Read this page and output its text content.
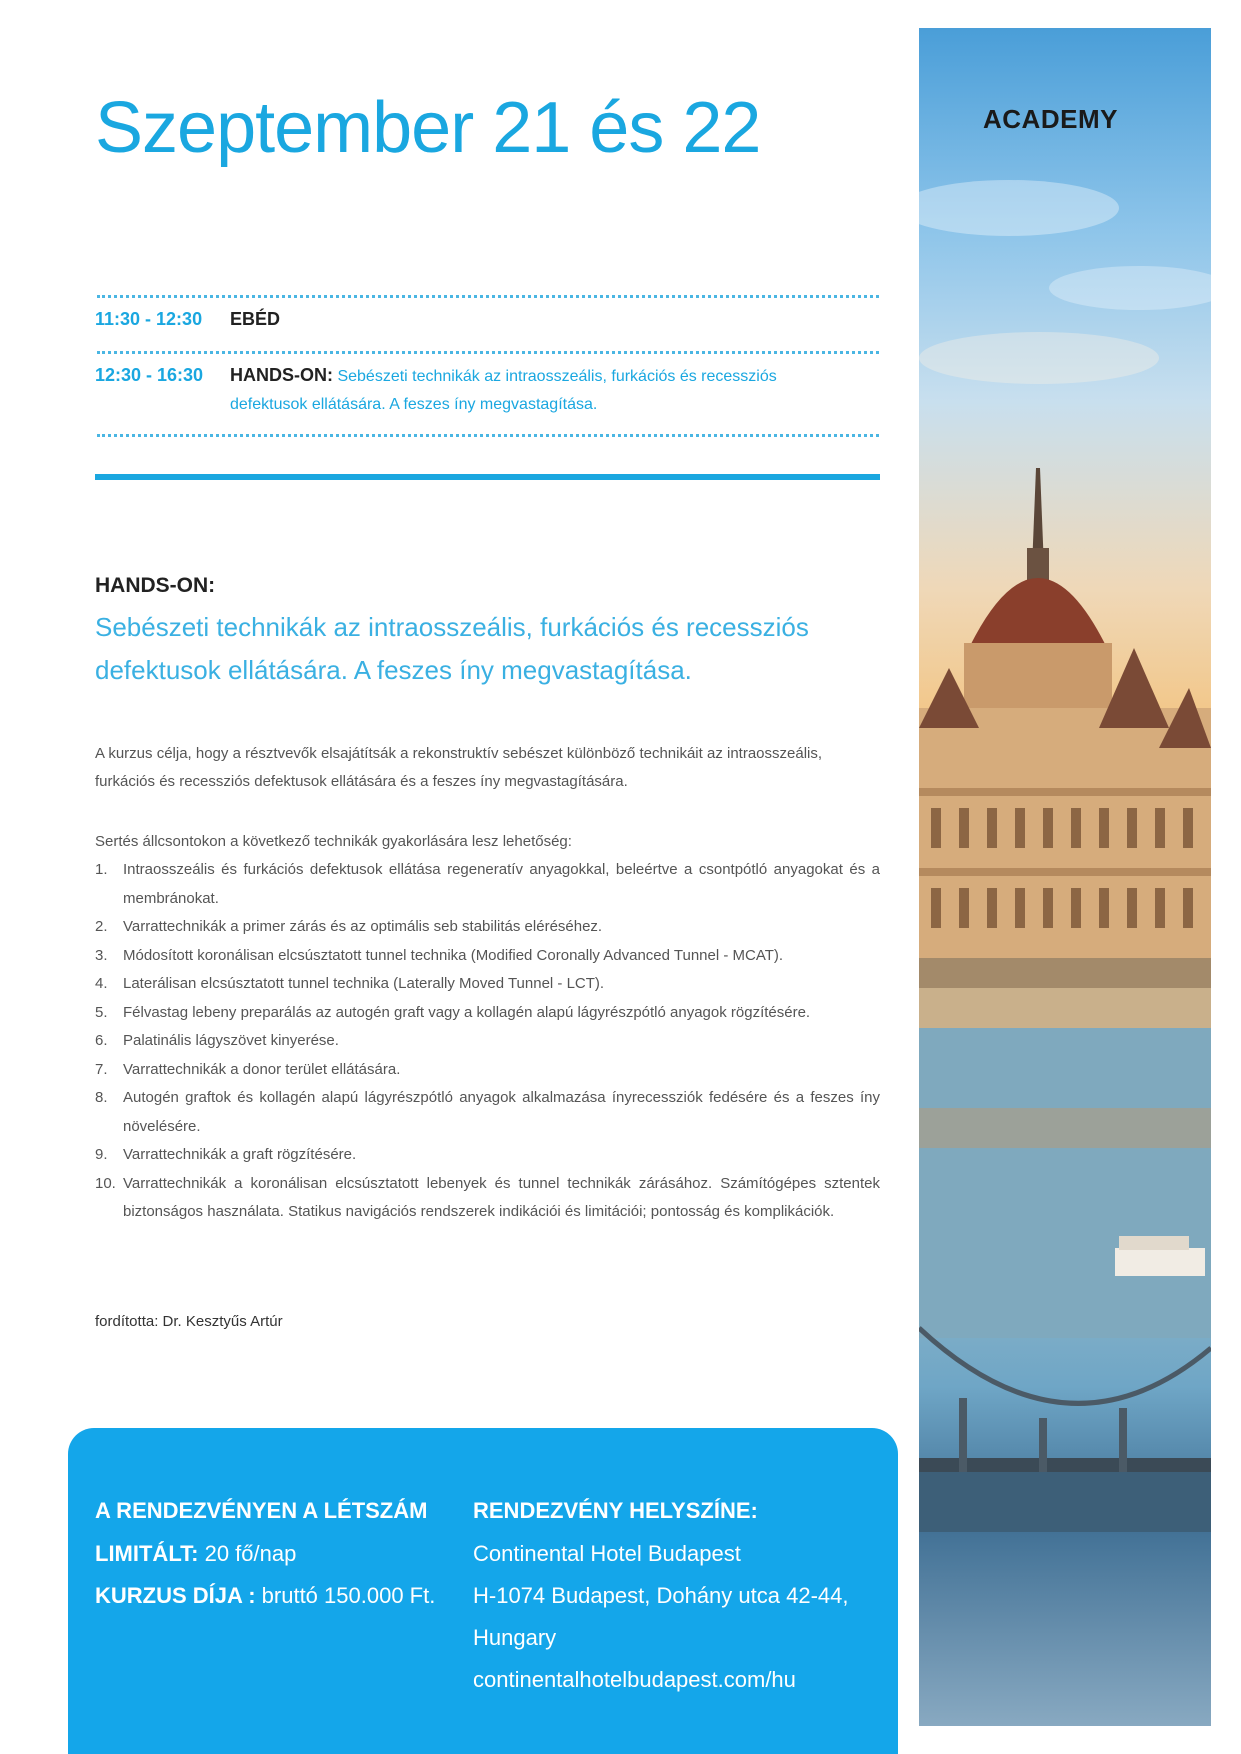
Szeptember 21 és 22
11:30 - 12:30 EBÉD
12:30 - 16:30 HANDS-ON: Sebészeti technikák az intraosszeális, furkációs és recessziós defektusok ellátására. A feszes íny megvastagítása.
HANDS-ON:
Sebészeti technikák az intraosszeális, furkációs és recessziós defektusok ellátására. A feszes íny megvastagítása.
A kurzus célja, hogy a résztvevők elsajátítsák a rekonstruktív sebészet különböző technikáit az intraosszeális, furkációs és recessziós defektusok ellátására és a feszes íny megvastagítására.
Sertés állcsontokon a következő technikák gyakorlására lesz lehetőség:
1.	Intraosszeális és furkációs defektusok ellátása regeneratív anyagokkal, beleértve a csontpótló anyagokat és a membránokat.
2.	Varrattechnikák a primer zárás és az optimális seb stabilitás eléréséhez.
3.	Módosított koronálisan elcsúsztatott tunnel technika (Modified Coronally Advanced Tunnel - MCAT).
4.	Laterálisan elcsúsztatott tunnel technika (Laterally Moved Tunnel - LCT).
5.	Félvastag lebeny preparálás az autogén graft vagy a kollagén alapú lágyrészpótló anyagok rögzítésére.
6.	Palatinális lágyszövet kinyerése.
7.	Varrattechnikák a donor terület ellátására.
8.	Autogén graftok és kollagén alapú lágyrészpótló anyagok alkalmazása ínyrecessziók fedésére és a feszes íny növelésére.
9.	Varrattechnikák a graft rögzítésére.
10. Varrattechnikák a koronálisan elcsúsztatott lebenyek és tunnel technikák zárásához. Számítógépes sztentek biztonságos használata. Statikus navigációs rendszerek indikációi és limitációi; pontosság és komplikációk.
fordította: Dr. Kesztyűs Artúr
A RENDEZVÉNYEN A LÉTSZÁM
LIMITÁLT: 20 fő/nap
KURZUS DÍJA : bruttó 150.000 Ft.
RENDEZVÉNY HELYSZÍNE:
Continental Hotel Budapest
H-1074 Budapest, Dohány utca 42-44,
Hungary
continentalhotelbudapest.com/hu
ACADEMY
